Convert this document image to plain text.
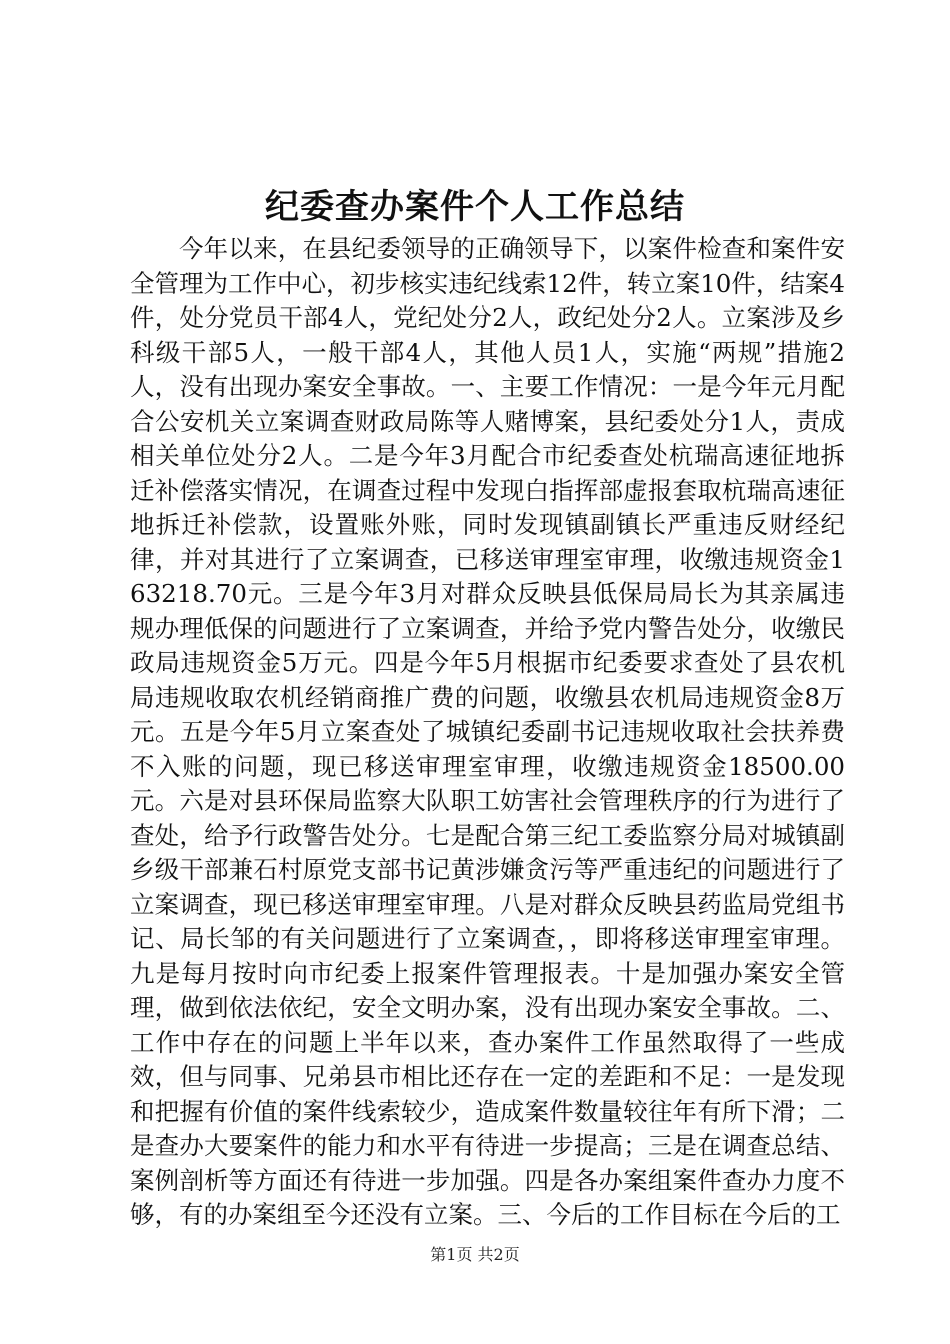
纪委查办案件个人工作总结

今年以来，在县纪委领导的正确领导下，以案件检查和案件安全管理为工作中心，初步核实违纪线索12件，转立案10件，结案4件，处分党员干部4人，党纪处分2人，政纪处分2人。立案涉及乡科级干部5人，一般干部4人，其他人员1人，实施“两规”措施2人，没有出现办案安全事故。一、主要工作情况：一是今年元月配合公安机关立案调查财政局陈等人赌博案，县纪委处分1人，责成相关单位处分2人。二是今年3月配合市纪委查处杭瑞高速征地拆迁补偿落实情况，在调查过程中发现白指挥部虚报套取杭瑞高速征地拆迁补偿款，设置账外账，同时发现镇副镇长严重违反财经纪律，并对其进行了立案调查，已移送审理室审理，收缴违规资金163218.70元。三是今年3月对群众反映县低保局局长为其亲属违规办理低保的问题进行了立案调查，并给予党内警告处分，收缴民政局违规资金5万元。四是今年5月根据市纪委要求查处了县农机局违规收取农机经销商推广费的问题，收缴县农机局违规资金8万元。五是今年5月立案查处了城镇纪委副书记违规收取社会扶养费不入账的问题，现已移送审理室审理，收缴违规资金18500.00元。六是对县环保局监察大队职工妨害社会管理秩序的行为进行了查处，给予行政警告处分。七是配合第三纪工委监察分局对城镇副乡级干部兼石村原党支部书记黄涉嫌贪污等严重违纪的问题进行了立案调查，现已移送审理室审理。八是对群众反映县药监局党组书记、局长邹的有关问题进行了立案调查，，即将移送审理室审理。九是每月按时向市纪委上报案件管理报表。十是加强办案安全管理，做到依法依纪，安全文明办案，没有出现办案安全事故。二、工作中存在的问题上半年以来，查办案件工作虽然取得了一些成效，但与同事、兄弟县市相比还存在一定的差距和不足：一是发现和把握有价值的案件线索较少，造成案件数量较往年有所下滑；二是查办大要案件的能力和水平有待进一步提高；三是在调查总结、案例剖析等方面还有待进一步加强。四是各办案组案件查办力度不够，有的办案组至今还没有立案。三、今后的工作目标在今后的工

第1页 共2页
